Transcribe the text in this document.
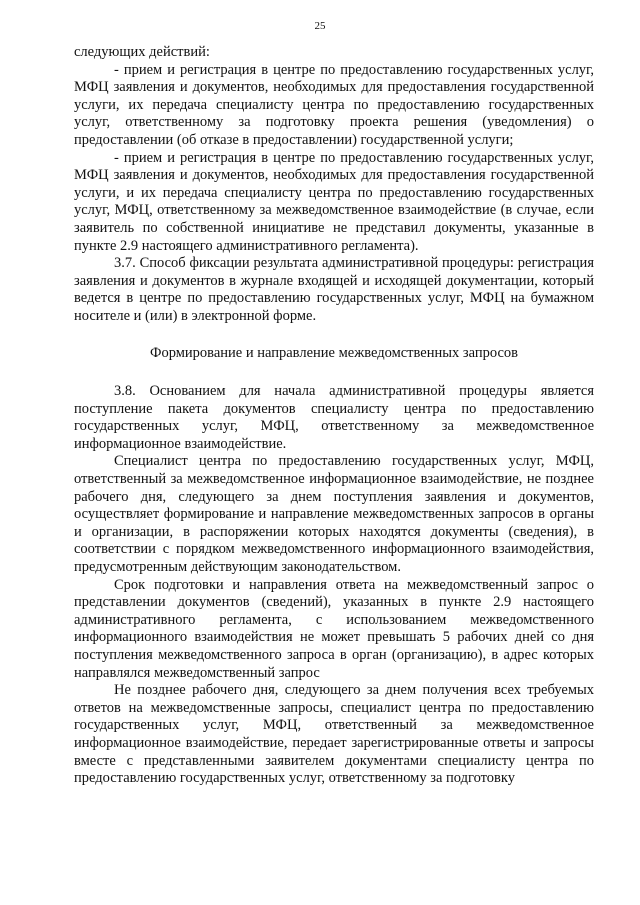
25

следующих действий:

- прием и регистрация в центре по предоставлению государственных услуг, МФЦ заявления и документов, необходимых для предоставления государственной услуги, их передача специалисту центра по предоставлению государственных услуг, ответственному за подготовку проекта решения (уведомления) о предоставлении (об отказе в предоставлении) государственной услуги;

- прием и регистрация в центре по предоставлению государственных услуг, МФЦ заявления и документов, необходимых для предоставления государственной услуги, и их передача специалисту центра по предоставлению государственных услуг, МФЦ, ответственному за межведомственное взаимодействие (в случае, если заявитель по собственной инициативе не представил документы, указанные в пункте 2.9 настоящего административного регламента).

3.7. Способ фиксации результата административной процедуры: регистрация заявления и документов в журнале входящей и исходящей документации, который ведется в центре по предоставлению государственных услуг, МФЦ на бумажном носителе и (или) в электронной форме.

Формирование и направление межведомственных запросов

3.8. Основанием для начала административной процедуры является поступление пакета документов специалисту центра по предоставлению государственных услуг, МФЦ, ответственному за межведомственное информационное взаимодействие.

Специалист центра по предоставлению государственных услуг, МФЦ, ответственный за межведомственное информационное взаимодействие, не позднее рабочего дня, следующего за днем поступления заявления и документов, осуществляет формирование и направление межведомственных запросов в органы и организации, в распоряжении которых находятся документы (сведения), в соответствии с порядком межведомственного информационного взаимодействия, предусмотренным действующим законодательством.

Срок подготовки и направления ответа на межведомственный запрос о представлении документов (сведений), указанных в пункте 2.9 настоящего административного регламента, с использованием межведомственного информационного взаимодействия не может превышать 5 рабочих дней со дня поступления межведомственного запроса в орган (организацию), в адрес которых направлялся межведомственный запрос

Не позднее рабочего дня, следующего за днем получения всех требуемых ответов на межведомственные запросы, специалист центра по предоставлению государственных услуг, МФЦ, ответственный за межведомственное информационное взаимодействие, передает зарегистрированные ответы и запросы вместе с представленными заявителем документами специалисту центра по предоставлению государственных услуг, ответственному за подготовку
